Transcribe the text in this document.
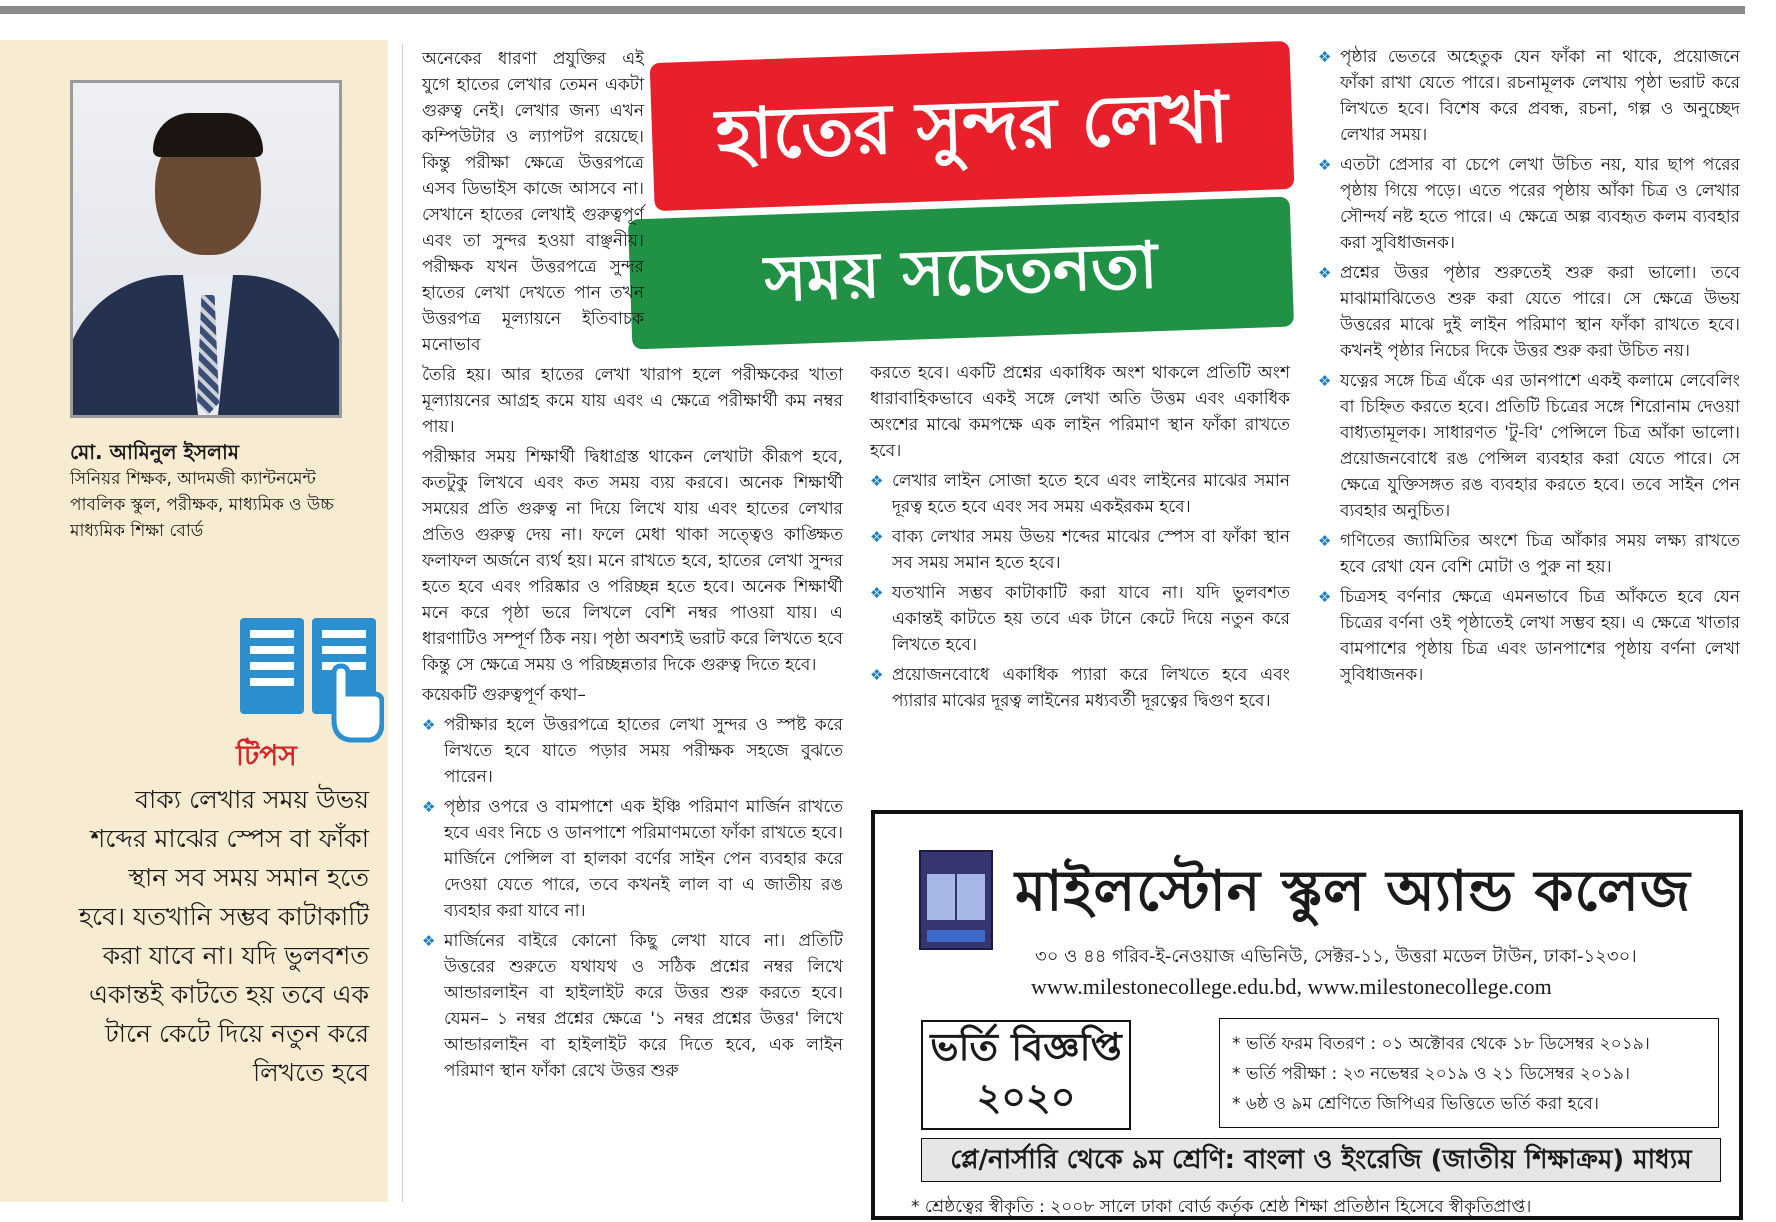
মো. আমিনুল ইসলাম
সিনিয়র শিক্ষক, আদমজী ক্যান্টনমেন্ট পাবলিক স্কুল, পরীক্ষক, মাধ্যমিক ও উচ্চ মাধ্যমিক শিক্ষা বোর্ড
টিপস
বাক্য লেখার সময় উভয় শব্দের মাঝের স্পেস বা ফাঁকা স্থান সব সময় সমান হতে হবে। যতখানি সম্ভব কাটাকাটি করা যাবে না। যদি ভুলবশত একান্তই কাটতে হয় তবে এক টানে কেটে দিয়ে নতুন করে লিখতে হবে
হাতের সুন্দর লেখা
সময় সচেতনতা

অনেকের ধারণা প্রযুক্তির এই যুগে হাতের লেখার তেমন একটা গুরুত্ব নেই। লেখার জন্য এখন কম্পিউটার ও ল্যাপটপ রয়েছে। কিন্তু পরীক্ষা ক্ষেত্রে উত্তরপত্রে এসব ডিভাইস কাজে আসবে না। সেখানে হাতের লেখাই গুরুত্বপূর্ণ এবং তা সুন্দর হওয়া বাঞ্ছনীয়। পরীক্ষক যখন উত্তরপত্রে সুন্দর হাতের লেখা দেখতে পান তখন উত্তরপত্র মূল্যায়নে ইতিবাচক মনোভাব

তৈরি হয়। আর হাতের লেখা খারাপ হলে পরীক্ষকের খাতা মূল্যায়নের আগ্রহ কমে যায় এবং এ ক্ষেত্রে পরীক্ষার্থী কম নম্বর পায়।

পরীক্ষার সময় শিক্ষার্থী দ্বিধাগ্রস্ত থাকেন লেখাটা কীরূপ হবে, কতটুকু লিখবে এবং কত সময় ব্যয় করবে। অনেক শিক্ষার্থী সময়ের প্রতি গুরুত্ব না দিয়ে লিখে যায় এবং হাতের লেখার প্রতিও গুরুত্ব দেয় না। ফলে মেধা থাকা সত্ত্বেও কাঙ্ক্ষিত ফলাফল অর্জনে ব্যর্থ হয়। মনে রাখতে হবে, হাতের লেখা সুন্দর হতে হবে এবং পরিষ্কার ও পরিচ্ছন্ন হতে হবে। অনেক শিক্ষার্থী মনে করে পৃষ্ঠা ভরে লিখলে বেশি নম্বর পাওয়া যায়। এ ধারণাটিও সম্পূর্ণ ঠিক নয়। পৃষ্ঠা অবশ্যই ভরাট করে লিখতে হবে কিন্তু সে ক্ষেত্রে সময় ও পরিচ্ছন্নতার দিকে গুরুত্ব দিতে হবে।

কয়েকটি গুরুত্বপূর্ণ কথা–

❖ পরীক্ষার হলে উত্তরপত্রে হাতের লেখা সুন্দর ও স্পষ্ট করে লিখতে হবে যাতে পড়ার সময় পরীক্ষক সহজে বুঝতে পারেন।
❖ পৃষ্ঠার ওপরে ও বামপাশে এক ইঞ্চি পরিমাণ মার্জিন রাখতে হবে এবং নিচে ও ডানপাশে পরিমাণমতো ফাঁকা রাখতে হবে। মার্জিনে পেন্সিল বা হালকা বর্ণের সাইন পেন ব্যবহার করে দেওয়া যেতে পারে, তবে কখনই লাল বা এ জাতীয় রঙ ব্যবহার করা যাবে না।
❖ মার্জিনের বাইরে কোনো কিছু লেখা যাবে না। প্রতিটি উত্তরের শুরুতে যথাযথ ও সঠিক প্রশ্নের নম্বর লিখে আন্ডারলাইন বা হাইলাইট করে উত্তর শুরু করতে হবে। যেমন– ১ নম্বর প্রশ্নের ক্ষেত্রে '১ নম্বর প্রশ্নের উত্তর' লিখে আন্ডারলাইন বা হাইলাইট করে দিতে হবে, এক লাইন পরিমাণ স্থান ফাঁকা রেখে উত্তর শুরু

করতে হবে। একটি প্রশ্নের একাধিক অংশ থাকলে প্রতিটি অংশ ধারাবাহিকভাবে একই সঙ্গে লেখা অতি উত্তম এবং একাধিক অংশের মাঝে কমপক্ষে এক লাইন পরিমাণ স্থান ফাঁকা রাখতে হবে।

❖ লেখার লাইন সোজা হতে হবে এবং লাইনের মাঝের সমান দূরত্ব হতে হবে এবং সব সময় একইরকম হবে।
❖ বাক্য লেখার সময় উভয় শব্দের মাঝের স্পেস বা ফাঁকা স্থান সব সময় সমান হতে হবে।
❖ যতখানি সম্ভব কাটাকাটি করা যাবে না। যদি ভুলবশত একান্তই কাটতে হয় তবে এক টানে কেটে দিয়ে নতুন করে লিখতে হবে।
❖ প্রয়োজনবোধে একাধিক প্যারা করে লিখতে হবে এবং প্যারার মাঝের দূরত্ব লাইনের মধ্যবর্তী দূরত্বের দ্বিগুণ হবে।
❖ পৃষ্ঠার ভেতরে অহেতুক যেন ফাঁকা না থাকে, প্রয়োজনে ফাঁকা রাখা যেতে পারে। রচনামূলক লেখায় পৃষ্ঠা ভরাট করে লিখতে হবে। বিশেষ করে প্রবন্ধ, রচনা, গল্প ও অনুচ্ছেদ লেখার সময়।
❖ এতটা প্রেসার বা চেপে লেখা উচিত নয়, যার ছাপ পরের পৃষ্ঠায় গিয়ে পড়ে। এতে পরের পৃষ্ঠায় আঁকা চিত্র ও লেখার সৌন্দর্য নষ্ট হতে পারে। এ ক্ষেত্রে অল্প ব্যবহৃত কলম ব্যবহার করা সুবিধাজনক।
❖ প্রশ্নের উত্তর পৃষ্ঠার শুরুতেই শুরু করা ভালো। তবে মাঝামাঝিতেও শুরু করা যেতে পারে। সে ক্ষেত্রে উভয় উত্তরের মাঝে দুই লাইন পরিমাণ স্থান ফাঁকা রাখতে হবে। কখনই পৃষ্ঠার নিচের দিকে উত্তর শুরু করা উচিত নয়।
❖ যত্নের সঙ্গে চিত্র এঁকে এর ডানপাশে একই কলামে লেবেলিং বা চিহ্নিত করতে হবে। প্রতিটি চিত্রের সঙ্গে শিরোনাম দেওয়া বাধ্যতামূলক। সাধারণত 'টু-বি' পেন্সিলে চিত্র আঁকা ভালো। প্রয়োজনবোধে রঙ পেন্সিল ব্যবহার করা যেতে পারে। সে ক্ষেত্রে যুক্তিসঙ্গত রঙ ব্যবহার করতে হবে। তবে সাইন পেন ব্যবহার অনুচিত।
❖ গণিতের জ্যামিতির অংশে চিত্র আঁকার সময় লক্ষ্য রাখতে হবে রেখা যেন বেশি মোটা ও পুরু না হয়।
❖ চিত্রসহ বর্ণনার ক্ষেত্রে এমনভাবে চিত্র আঁকতে হবে যেন চিত্রের বর্ণনা ওই পৃষ্ঠাতেই লেখা সম্ভব হয়। এ ক্ষেত্রে খাতার বামপাশের পৃষ্ঠায় চিত্র এবং ডানপাশের পৃষ্ঠায় বর্ণনা লেখা সুবিধাজনক।
মাইলস্টোন স্কুল অ্যান্ড কলেজ
৩০ ও ৪৪ গরিব-ই-নেওয়াজ এভিনিউ, সেক্টর-১১, উত্তরা মডেল টাউন, ঢাকা-১২৩০।
www.milestonecollege.edu.bd, www.milestonecollege.com
ভর্তি বিজ্ঞপ্তি
২০২০
* ভর্তি ফরম বিতরণ : ০১ অক্টোবর থেকে ১৮ ডিসেম্বর ২০১৯।
* ভর্তি পরীক্ষা : ২৩ নভেম্বর ২০১৯ ও ২১ ডিসেম্বর ২০১৯।
* ৬ষ্ঠ ও ৯ম শ্রেণিতে জিপিএর ভিত্তিতে ভর্তি করা হবে।
প্লে/নার্সারি থেকে ৯ম শ্রেণি: বাংলা ও ইংরেজি (জাতীয় শিক্ষাক্রম) মাধ্যম
* শ্রেষ্ঠত্বের স্বীকৃতি : ২০০৮ সালে ঢাকা বোর্ড কর্তৃক শ্রেষ্ঠ শিক্ষা প্রতিষ্ঠান হিসেবে স্বীকৃতিপ্রাপ্ত।
